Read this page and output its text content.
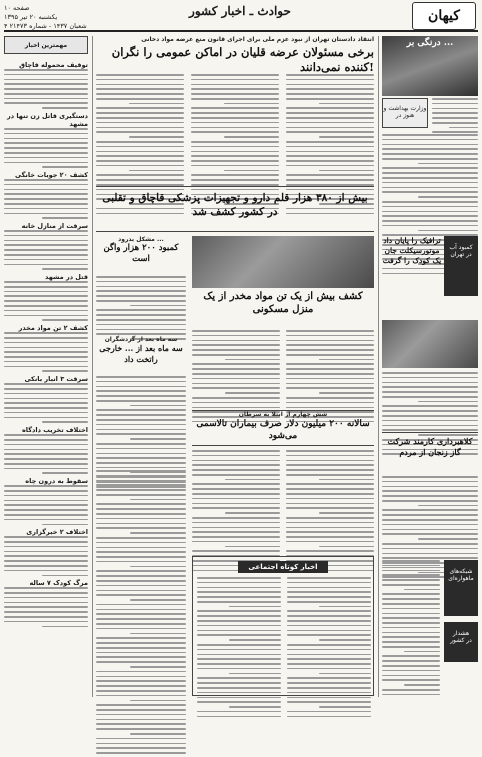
صفحه ۱۰
یکشنبه ۲۰ تیر ۱۳۹۵
۴ شعبان ۱۴۳۷ - شماره ۲۱۴۷۳
حوادث ـ اخبار کشور	کیهان
مهمترین اخبار
توقیف محموله قاچاق
دستگیری قاتل زن تنها در مشهد
کشف ۲۰ جوبات خانگی
سرقت از منازل خانه
قتل در مشهد
کشف ۲ تن مواد مخدر
سرقت ۳ انبار بانکی
اختلاف تخریب دادگاه
سقوط به درون چاه
اختلاف ۲ خبرگزاری
مرگ کودک ۷ ساله
انتقاد دادستان تهران از نبود عزم ملی برای اجرای قانون منع عرضه مواد دخانی
برخی مسئولان عرضه قلیان در اماکن عمومی را نگران کننده نمی‌دانند!
بیش از ۳۸۰ هزار قلم دارو و تجهیزات پزشکی قاچاق و تقلبی در کشور کشف شد
مشکل بدرود ...
کمبود ۲۰۰ هزار واگن است
سه ماه بعد از گردشگران
سه ماه بعد از ... خارجی راتخت داد
کشف بیش از یک تن مواد مخدر از یک منزل مسکونی
شش چهارم از ابتلا به سرطان
سالانه ۲۰۰ میلیون دلار صرف بیماران تالاسمی می‌شود
اخبار کوتاه اجتماعی
درنگی بر ...
وزارت بهداشت و
هنوز در
ترافیک را پایان داد موتورسیکلت جان یک کودک را گرفت
کمبود آب
در تهران
کلاهبرداری کارمند شرکت گاز زنجان از مردم
شبکه‌های
ماهواره‌ای
هشدار
در کشور
